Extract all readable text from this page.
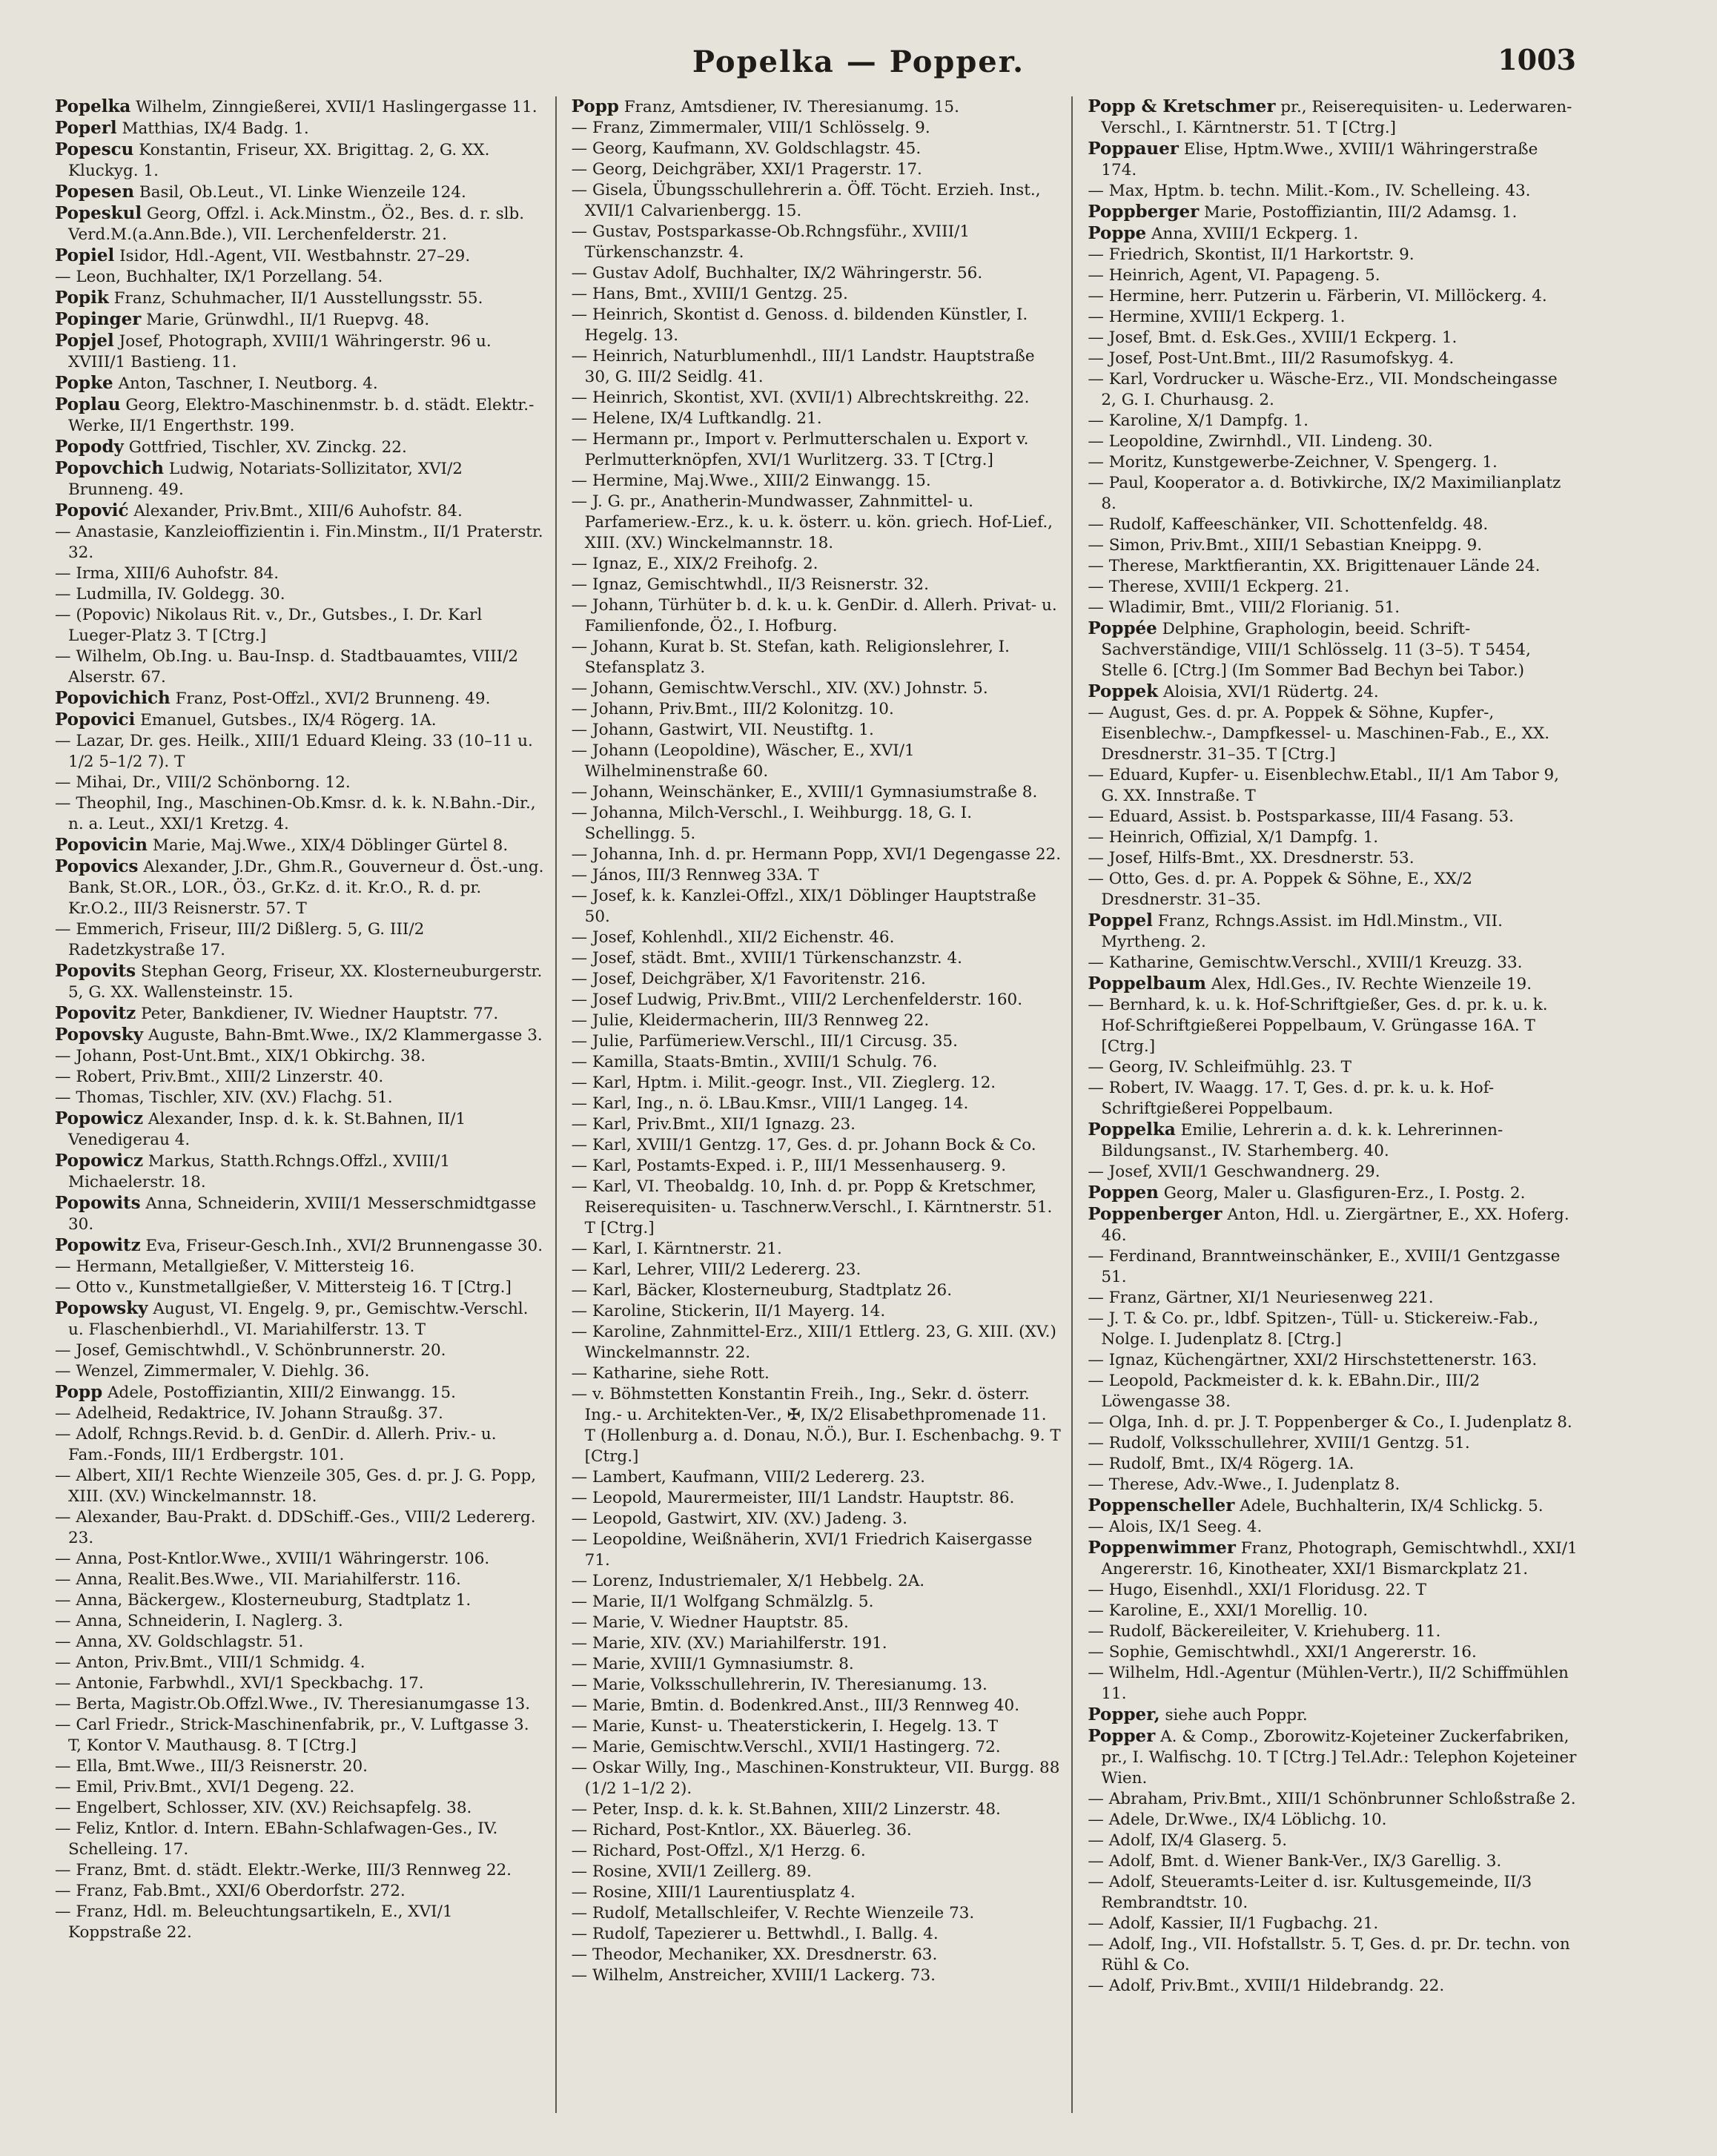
Popelka — Popper.	1003
Popelka Wilhelm, Zinngießerei, XVII/1 Haslingergasse 11.
Poperl Matthias, IX/4 Badg. 1.
Popescu Konstantin, Friseur, XX. Brigittag. 2, G. XX. Kluckyg. 1.
Popesen Basil, Ob.Leut., VI. Linke Wienzeile 124.
Popeskul Georg, Offzl. i. Ack.Minstm., Ö2., Bes. d. r. slb. Verd.M.(a.Ann.Bde.), VII. Lerchenfelderstr. 21.
Popiel Isidor, Hdl.-Agent, VII. Westbahnstr. 27–29.
— Leon, Buchhalter, IX/1 Porzellang. 54.
Popik Franz, Schuhmacher, II/1 Ausstellungsstr. 55.
Popinger Marie, Grünwdhl., II/1 Ruepvg. 48.
Popjel Josef, Photograph, XVIII/1 Währingerstr. 96 u. XVIII/1 Bastieng. 11.
Popke Anton, Taschner, I. Neutborg. 4.
Poplau Georg, Elektro-Maschinenmstr. b. d. städt. Elektr.-Werke, II/1 Engerthstr. 199.
Popody Gottfried, Tischler, XV. Zinckg. 22.
Popovchich Ludwig, Notariats-Sollizitator, XVI/2 Brunneng. 49.
Popović Alexander, Priv.Bmt., XIII/6 Auhofstr. 84.
— Anastasie, Kanzleioffizientin i. Fin.Minstm., II/1 Praterstr. 32.
— Irma, XIII/6 Auhofstr. 84.
— Ludmilla, IV. Goldegg. 30.
— (Popovic) Nikolaus Rit. v., Dr., Gutsbes., I. Dr. Karl Lueger-Platz 3. T [Ctrg.]
— Wilhelm, Ob.Ing. u. Bau-Insp. d. Stadtbauamtes, VIII/2 Alserstr. 67.
Popovichich Franz, Post-Offzl., XVI/2 Brunneng. 49.
Popovici Emanuel, Gutsbes., IX/4 Rögerg. 1A.
— Lazar, Dr. ges. Heilk., XIII/1 Eduard Kleing. 33 (10–11 u. 1/2 5–1/2 7). T
— Mihai, Dr., VIII/2 Schönborng. 12.
— Theophil, Ing., Maschinen-Ob.Kmsr. d. k. k. N.Bahn.-Dir., n. a. Leut., XXI/1 Kretzg. 4.
Popovicin Marie, Maj.Wwe., XIX/4 Döblinger Gürtel 8.
Popovics Alexander, J.Dr., Ghm.R., Gouverneur d. Öst.-ung. Bank, St.OR., LOR., Ö3., Gr.Kz. d. it. Kr.O., R. d. pr. Kr.O.2., III/3 Reisnerstr. 57. T
— Emmerich, Friseur, III/2 Dißlerg. 5, G. III/2 Radetzkystraße 17.
Popovits Stephan Georg, Friseur, XX. Klosterneuburgerstr. 5, G. XX. Wallensteinstr. 15.
Popovitz Peter, Bankdiener, IV. Wiedner Hauptstr. 77.
Popovsky Auguste, Bahn-Bmt.Wwe., IX/2 Klammergasse 3.
— Johann, Post-Unt.Bmt., XIX/1 Obkirchg. 38.
— Robert, Priv.Bmt., XIII/2 Linzerstr. 40.
— Thomas, Tischler, XIV. (XV.) Flachg. 51.
Popowicz Alexander, Insp. d. k. k. St.Bahnen, II/1 Venedigerau 4.
Popowicz Markus, Statth.Rchngs.Offzl., XVIII/1 Michaelerstr. 18.
Popowits Anna, Schneiderin, XVIII/1 Messerschmidtgasse 30.
Popowitz Eva, Friseur-Gesch.Inh., XVI/2 Brunnengasse 30.
— Hermann, Metallgießer, V. Mittersteig 16.
— Otto v., Kunstmetallgießer, V. Mittersteig 16. T [Ctrg.]
Popowsky August, VI. Engelg. 9, pr., Gemischtw.-Verschl. u. Flaschenbierhdl., VI. Mariahilferstr. 13. T
— Josef, Gemischtwhdl., V. Schönbrunnerstr. 20.
— Wenzel, Zimmermaler, V. Diehlg. 36.
Popp Adele, Postoffiziantin, XIII/2 Einwangg. 15.
— Adelheid, Redaktrice, IV. Johann Straußg. 37.
— Adolf, Rchngs.Revid. b. d. GenDir. d. Allerh. Priv.- u. Fam.-Fonds, III/1 Erdbergstr. 101.
— Albert, XII/1 Rechte Wienzeile 305, Ges. d. pr. J. G. Popp, XIII. (XV.) Winckelmannstr. 18.
— Alexander, Bau-Prakt. d. DDSchiff.-Ges., VIII/2 Ledererg. 23.
— Anna, Post-Kntlor.Wwe., XVIII/1 Währingerstr. 106.
— Anna, Realit.Bes.Wwe., VII. Mariahilferstr. 116.
— Anna, Bäckergew., Klosterneuburg, Stadtplatz 1.
— Anna, Schneiderin, I. Naglerg. 3.
— Anna, XV. Goldschlagstr. 51.
— Anton, Priv.Bmt., VIII/1 Schmidg. 4.
— Antonie, Farbwhdl., XVI/1 Speckbachg. 17.
— Berta, Magistr.Ob.Offzl.Wwe., IV. Theresianumgasse 13.
— Carl Friedr., Strick-Maschinenfabrik, pr., V. Luftgasse 3. T, Kontor V. Mauthausg. 8. T [Ctrg.]
— Ella, Bmt.Wwe., III/3 Reisnerstr. 20.
— Emil, Priv.Bmt., XVI/1 Degeng. 22.
— Engelbert, Schlosser, XIV. (XV.) Reichsapfelg. 38.
— Feliz, Kntlor. d. Intern. EBahn-Schlafwagen-Ges., IV. Schelleing. 17.
— Franz, Bmt. d. städt. Elektr.-Werke, III/3 Rennweg 22.
— Franz, Fab.Bmt., XXI/6 Oberdorfstr. 272.
— Franz, Hdl. m. Beleuchtungsartikeln, E., XVI/1 Koppstraße 22.
Popp Franz, Amtsdiener, IV. Theresianumg. 15.
— Franz, Zimmermaler, VIII/1 Schlösselg. 9.
— Georg, Kaufmann, XV. Goldschlagstr. 45.
— Georg, Deichgräber, XXI/1 Pragerstr. 17.
— Gisela, Übungsschullehrerin a. Öff. Töcht. Erzieh. Inst., XVII/1 Calvarienbergg. 15.
— Gustav, Postsparkasse-Ob.Rchngsführ., XVIII/1 Türkenschanzstr. 4.
— Gustav Adolf, Buchhalter, IX/2 Währingerstr. 56.
— Hans, Bmt., XVIII/1 Gentzg. 25.
— Heinrich, Skontist d. Genoss. d. bildenden Künstler, I. Hegelg. 13.
— Heinrich, Naturblumenhdl., III/1 Landstr. Hauptstraße 30, G. III/2 Seidlg. 41.
— Heinrich, Skontist, XVI. (XVII/1) Albrechtskreithg. 22.
— Helene, IX/4 Luftkandlg. 21.
— Hermann pr., Import v. Perlmutterschalen u. Export v. Perlmutterknöpfen, XVI/1 Wurlitzerg. 33. T [Ctrg.]
— Hermine, Maj.Wwe., XIII/2 Einwangg. 15.
— J. G. pr., Anatherin-Mundwasser, Zahnmittel- u. Parfameriew.-Erz., k. u. k. österr. u. kön. griech. Hof-Lief., XIII. (XV.) Winckelmannstr. 18.
— Ignaz, E., XIX/2 Freihofg. 2.
— Ignaz, Gemischtwhdl., II/3 Reisnerstr. 32.
— Johann, Türhüter b. d. k. u. k. GenDir. d. Allerh. Privat- u. Familienfonde, Ö2., I. Hofburg.
— Johann, Kurat b. St. Stefan, kath. Religionslehrer, I. Stefansplatz 3.
— Johann, Gemischtw.Verschl., XIV. (XV.) Johnstr. 5.
— Johann, Priv.Bmt., III/2 Kolonitzg. 10.
— Johann, Gastwirt, VII. Neustiftg. 1.
— Johann (Leopoldine), Wäscher, E., XVI/1 Wilhelminenstraße 60.
— Johann, Weinschänker, E., XVIII/1 Gymnasiumstraße 8.
— Johanna, Milch-Verschl., I. Weihburgg. 18, G. I. Schellingg. 5.
— Johanna, Inh. d. pr. Hermann Popp, XVI/1 Degengasse 22.
— János, III/3 Rennweg 33A. T
— Josef, k. k. Kanzlei-Offzl., XIX/1 Döblinger Hauptstraße 50.
— Josef, Kohlenhdl., XII/2 Eichenstr. 46.
— Josef, städt. Bmt., XVIII/1 Türkenschanzstr. 4.
— Josef, Deichgräber, X/1 Favoritenstr. 216.
— Josef Ludwig, Priv.Bmt., VIII/2 Lerchenfelderstr. 160.
— Julie, Kleidermacherin, III/3 Rennweg 22.
— Julie, Parfümeriew.Verschl., III/1 Circusg. 35.
— Kamilla, Staats-Bmtin., XVIII/1 Schulg. 76.
— Karl, Hptm. i. Milit.-geogr. Inst., VII. Zieglerg. 12.
— Karl, Ing., n. ö. LBau.Kmsr., VIII/1 Langeg. 14.
— Karl, Priv.Bmt., XII/1 Ignazg. 23.
— Karl, XVIII/1 Gentzg. 17, Ges. d. pr. Johann Bock & Co.
— Karl, Postamts-Exped. i. P., III/1 Messenhauserg. 9.
— Karl, VI. Theobaldg. 10, Inh. d. pr. Popp & Kretschmer, Reiserequisiten- u. Taschnerw.Verschl., I. Kärntnerstr. 51. T [Ctrg.]
— Karl, I. Kärntnerstr. 21.
— Karl, Lehrer, VIII/2 Ledererg. 23.
— Karl, Bäcker, Klosterneuburg, Stadtplatz 26.
— Karoline, Stickerin, II/1 Mayerg. 14.
— Karoline, Zahnmittel-Erz., XIII/1 Ettlerg. 23, G. XIII. (XV.) Winckelmannstr. 22.
— Katharine, siehe Rott.
— v. Böhmstetten Konstantin Freih., Ing., Sekr. d. österr. Ing.- u. Architekten-Ver., ✠, IX/2 Elisabethpromenade 11. T (Hollenburg a. d. Donau, N.Ö.), Bur. I. Eschenbachg. 9. T [Ctrg.]
— Lambert, Kaufmann, VIII/2 Ledererg. 23.
— Leopold, Maurermeister, III/1 Landstr. Hauptstr. 86.
— Leopold, Gastwirt, XIV. (XV.) Jadeng. 3.
— Leopoldine, Weißnäherin, XVI/1 Friedrich Kaisergasse 71.
— Lorenz, Industriemaler, X/1 Hebbelg. 2A.
— Marie, II/1 Wolfgang Schmälzlg. 5.
— Marie, V. Wiedner Hauptstr. 85.
— Marie, XIV. (XV.) Mariahilferstr. 191.
— Marie, XVIII/1 Gymnasiumstr. 8.
— Marie, Volksschullehrerin, IV. Theresianumg. 13.
— Marie, Bmtin. d. Bodenkred.Anst., III/3 Rennweg 40.
— Marie, Kunst- u. Theaterstickerin, I. Hegelg. 13. T
— Marie, Gemischtw.Verschl., XVII/1 Hastingerg. 72.
— Oskar Willy, Ing., Maschinen-Konstrukteur, VII. Burgg. 88 (1/2 1–1/2 2).
— Peter, Insp. d. k. k. St.Bahnen, XIII/2 Linzerstr. 48.
— Richard, Post-Kntlor., XX. Bäuerleg. 36.
— Richard, Post-Offzl., X/1 Herzg. 6.
— Rosine, XVII/1 Zeillerg. 89.
— Rosine, XIII/1 Laurentiusplatz 4.
— Rudolf, Metallschleifer, V. Rechte Wienzeile 73.
— Rudolf, Tapezierer u. Bettwhdl., I. Ballg. 4.
— Theodor, Mechaniker, XX. Dresdnerstr. 63.
— Wilhelm, Anstreicher, XVIII/1 Lackerg. 73.
Popp & Kretschmer pr., Reiserequisiten- u. Lederwaren-Verschl., I. Kärntnerstr. 51. T [Ctrg.]
Poppauer Elise, Hptm.Wwe., XVIII/1 Währingerstraße 174.
— Max, Hptm. b. techn. Milit.-Kom., IV. Schelleing. 43.
Poppberger Marie, Postoffiziantin, III/2 Adamsg. 1.
Poppe Anna, XVIII/1 Eckperg. 1.
— Friedrich, Skontist, II/1 Harkortstr. 9.
— Heinrich, Agent, VI. Papageng. 5.
— Hermine, herr. Putzerin u. Färberin, VI. Millöckerg. 4.
— Hermine, XVIII/1 Eckperg. 1.
— Josef, Bmt. d. Esk.Ges., XVIII/1 Eckperg. 1.
— Josef, Post-Unt.Bmt., III/2 Rasumofskyg. 4.
— Karl, Vordrucker u. Wäsche-Erz., VII. Mondscheingasse 2, G. I. Churhausg. 2.
— Karoline, X/1 Dampfg. 1.
— Leopoldine, Zwirnhdl., VII. Lindeng. 30.
— Moritz, Kunstgewerbe-Zeichner, V. Spengerg. 1.
— Paul, Kooperator a. d. Botivkirche, IX/2 Maximilianplatz 8.
— Rudolf, Kaffeeschänker, VII. Schottenfeldg. 48.
— Simon, Priv.Bmt., XIII/1 Sebastian Kneippg. 9.
— Therese, Marktfierantin, XX. Brigittenauer Lände 24.
— Therese, XVIII/1 Eckperg. 21.
— Wladimir, Bmt., VIII/2 Florianig. 51.
Poppée Delphine, Graphologin, beeid. Schrift-Sachverständige, VIII/1 Schlösselg. 11 (3–5). T 5454, Stelle 6. [Ctrg.] (Im Sommer Bad Bechyn bei Tabor.)
Poppek Aloisia, XVI/1 Rüdertg. 24.
— August, Ges. d. pr. A. Poppek & Söhne, Kupfer-, Eisenblechw.-, Dampfkessel- u. Maschinen-Fab., E., XX. Dresdnerstr. 31–35. T [Ctrg.]
— Eduard, Kupfer- u. Eisenblechw.Etabl., II/1 Am Tabor 9, G. XX. Innstraße. T
— Eduard, Assist. b. Postsparkasse, III/4 Fasang. 53.
— Heinrich, Offizial, X/1 Dampfg. 1.
— Josef, Hilfs-Bmt., XX. Dresdnerstr. 53.
— Otto, Ges. d. pr. A. Poppek & Söhne, E., XX/2 Dresdnerstr. 31–35.
Poppel Franz, Rchngs.Assist. im Hdl.Minstm., VII. Myrtheng. 2.
— Katharine, Gemischtw.Verschl., XVIII/1 Kreuzg. 33.
Poppelbaum Alex, Hdl.Ges., IV. Rechte Wienzeile 19.
— Bernhard, k. u. k. Hof-Schriftgießer, Ges. d. pr. k. u. k. Hof-Schriftgießerei Poppelbaum, V. Grüngasse 16A. T [Ctrg.]
— Georg, IV. Schleifmühlg. 23. T
— Robert, IV. Waagg. 17. T, Ges. d. pr. k. u. k. Hof-Schriftgießerei Poppelbaum.
Poppelka Emilie, Lehrerin a. d. k. k. Lehrerinnen-Bildungsanst., IV. Starhemberg. 40.
— Josef, XVII/1 Geschwandnerg. 29.
Poppen Georg, Maler u. Glasfiguren-Erz., I. Postg. 2.
Poppenberger Anton, Hdl. u. Ziergärtner, E., XX. Hoferg. 46.
— Ferdinand, Branntweinschänker, E., XVIII/1 Gentzgasse 51.
— Franz, Gärtner, XI/1 Neuriesenweg 221.
— J. T. & Co. pr., ldbf. Spitzen-, Tüll- u. Stickereiw.-Fab., Nolge. I. Judenplatz 8. [Ctrg.]
— Ignaz, Küchengärtner, XXI/2 Hirschstettenerstr. 163.
— Leopold, Packmeister d. k. k. EBahn.Dir., III/2 Löwengasse 38.
— Olga, Inh. d. pr. J. T. Poppenberger & Co., I. Judenplatz 8.
— Rudolf, Volksschullehrer, XVIII/1 Gentzg. 51.
— Rudolf, Bmt., IX/4 Rögerg. 1A.
— Therese, Adv.-Wwe., I. Judenplatz 8.
Poppenscheller Adele, Buchhalterin, IX/4 Schlickg. 5.
— Alois, IX/1 Seeg. 4.
Poppenwimmer Franz, Photograph, Gemischtwhdl., XXI/1 Angererstr. 16, Kinotheater, XXI/1 Bismarckplatz 21.
— Hugo, Eisenhdl., XXI/1 Floridusg. 22. T
— Karoline, E., XXI/1 Morellig. 10.
— Rudolf, Bäckereileiter, V. Kriehuberg. 11.
— Sophie, Gemischtwhdl., XXI/1 Angererstr. 16.
— Wilhelm, Hdl.-Agentur (Mühlen-Vertr.), II/2 Schiffmühlen 11.
Popper, siehe auch Poppr.
Popper A. & Comp., Zborowitz-Kojeteiner Zuckerfabriken, pr., I. Walfischg. 10. T [Ctrg.] Tel.Adr.: Telephon Kojeteiner Wien.
— Abraham, Priv.Bmt., XIII/1 Schönbrunner Schloßstraße 2.
— Adele, Dr.Wwe., IX/4 Löblichg. 10.
— Adolf, IX/4 Glaserg. 5.
— Adolf, Bmt. d. Wiener Bank-Ver., IX/3 Garellig. 3.
— Adolf, Steueramts-Leiter d. isr. Kultusgemeinde, II/3 Rembrandtstr. 10.
— Adolf, Kassier, II/1 Fugbachg. 21.
— Adolf, Ing., VII. Hofstallstr. 5. T, Ges. d. pr. Dr. techn. von Rühl & Co.
— Adolf, Priv.Bmt., XVIII/1 Hildebrandg. 22.
